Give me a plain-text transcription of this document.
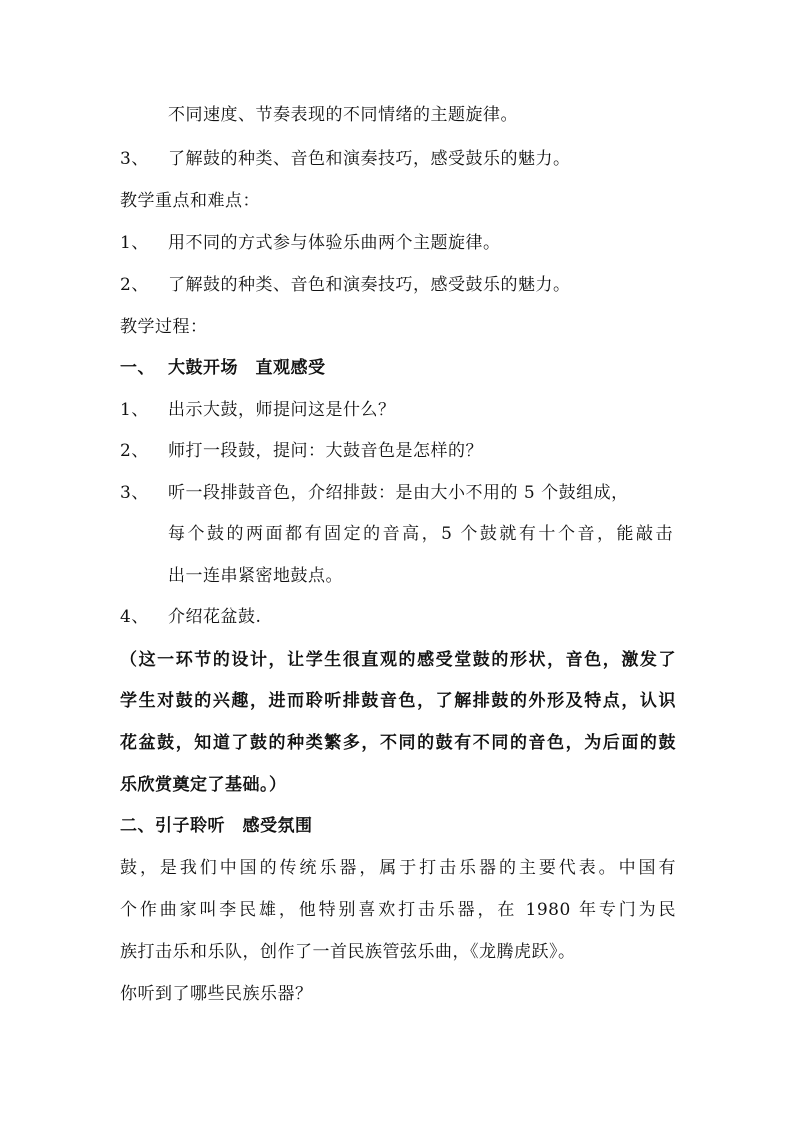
不同速度、节奏表现的不同情绪的主题旋律。
3、 了解鼓的种类、音色和演奏技巧，感受鼓乐的魅力。
教学重点和难点：
1、 用不同的方式参与体验乐曲两个主题旋律。
2、 了解鼓的种类、音色和演奏技巧，感受鼓乐的魅力。
教学过程：
一、 大鼓开场　直观感受
1、 出示大鼓，师提问这是什么？
2、 师打一段鼓，提问：大鼓音色是怎样的？
3、 听一段排鼓音色，介绍排鼓：是由大小不用的 5 个鼓组成，
每个鼓的两面都有固定的音高，5 个鼓就有十个音，能敲击
出一连串紧密地鼓点。
4、 介绍花盆鼓.
（这一环节的设计，让学生很直观的感受堂鼓的形状，音色，激发了
学生对鼓的兴趣，进而聆听排鼓音色，了解排鼓的外形及特点，认识
花盆鼓，知道了鼓的种类繁多，不同的鼓有不同的音色，为后面的鼓
乐欣赏奠定了基础。）
二、引子聆听　感受氛围
鼓，是我们中国的传统乐器，属于打击乐器的主要代表。中国有
个作曲家叫李民雄，他特别喜欢打击乐器，在 1980 年专门为民
族打击乐和乐队，创作了一首民族管弦乐曲，《龙腾虎跃》。
你听到了哪些民族乐器？
